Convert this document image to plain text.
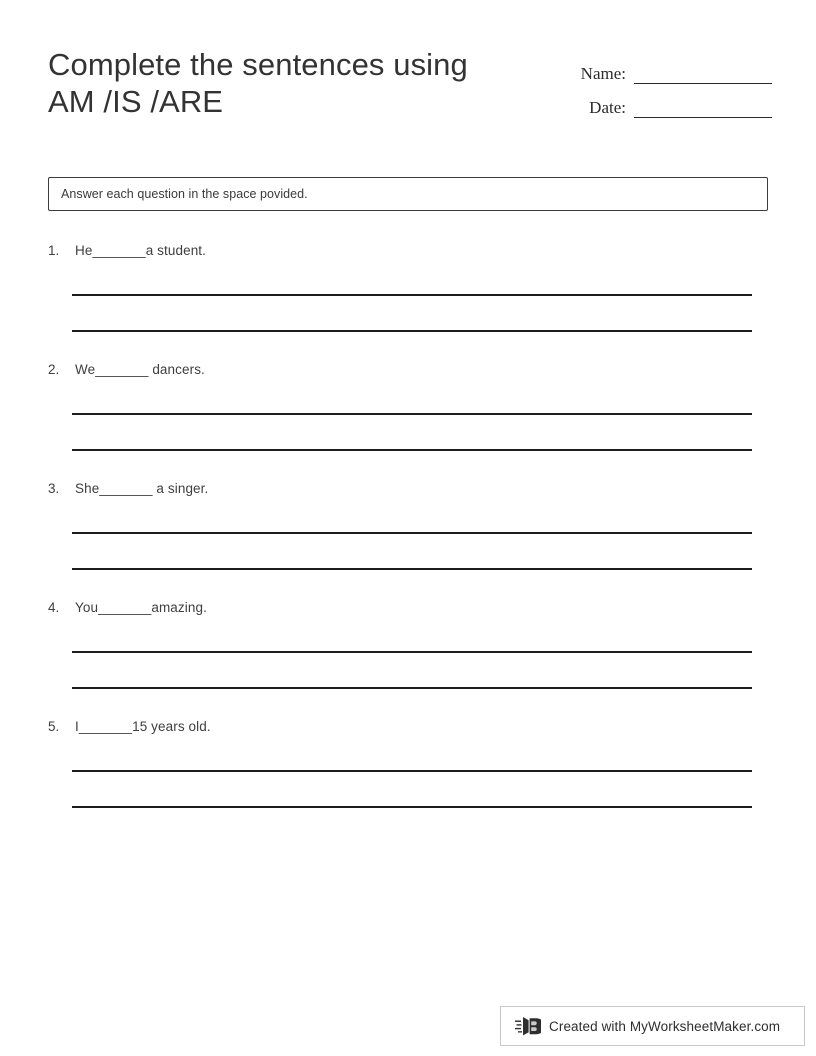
Complete the sentences using
AM /IS /ARE
Name:
Date:
Answer each question in the space povided.
1.	He_______a student.
2.	We_______ dancers.
3.	She_______ a singer.
4.	You_______amazing.
5.	I_______15 years old.
Created with MyWorksheetMaker.com
